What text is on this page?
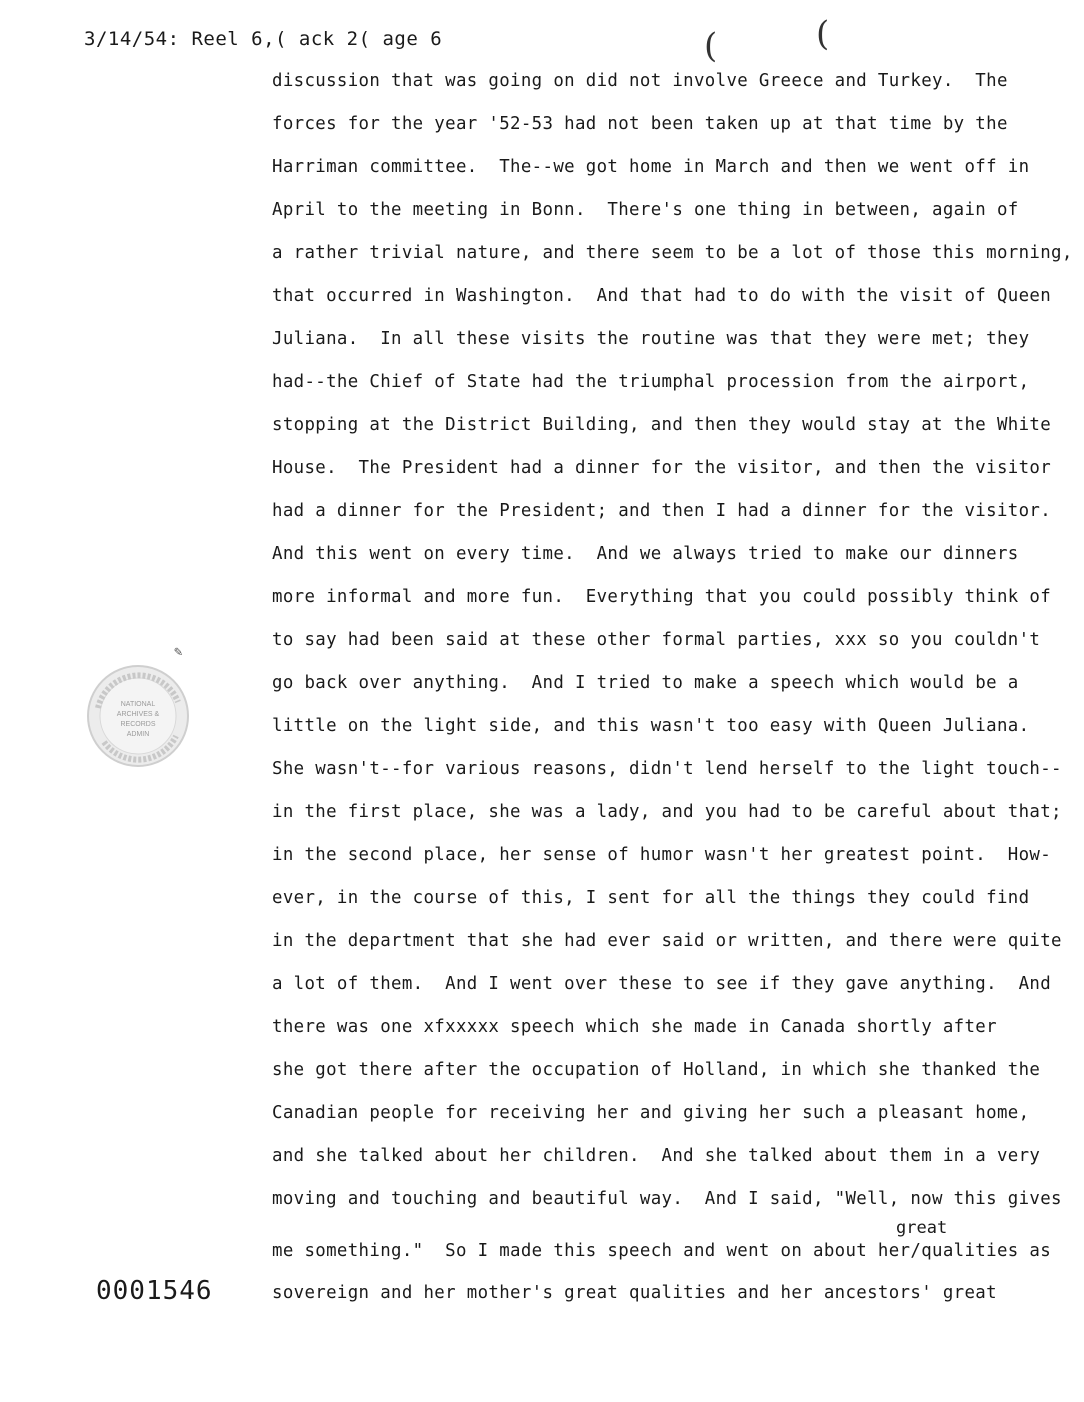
3/14/54: Reel 6,( ack 2( age 6	(	(
discussion that was going on did not involve Greece and Turkey.  The
forces for the year '52-53 had not been taken up at that time by the
Harriman committee.  The--we got home in March and then we went off in
April to the meeting in Bonn.  There's one thing in between, again of
a rather trivial nature, and there seem to be a lot of those this morning,
that occurred in Washington.  And that had to do with the visit of Queen
Juliana.  In all these visits the routine was that they were met; they
had--the Chief of State had the triumphal procession from the airport,
stopping at the District Building, and then they would stay at the White
House.  The President had a dinner for the visitor, and then the visitor
had a dinner for the President; and then I had a dinner for the visitor.
And this went on every time.  And we always tried to make our dinners
more informal and more fun.  Everything that you could possibly think of
to say had been said at these other formal parties, xxx so you couldn't
go back over anything.  And I tried to make a speech which would be a
little on the light side, and this wasn't too easy with Queen Juliana.
She wasn't--for various reasons, didn't lend herself to the light touch--
in the first place, she was a lady, and you had to be careful about that;
in the second place, her sense of humor wasn't her greatest point.  How-
ever, in the course of this, I sent for all the things they could find
in the department that she had ever said or written, and there were quite
a lot of them.  And I went over these to see if they gave anything.  And
there was one xfxxxxx speech which she made in Canada shortly after
she got there after the occupation of Holland, in which she thanked the
Canadian people for receiving her and giving her such a pleasant home,
and she talked about her children.  And she talked about them in a very
moving and touching and beautiful way.  And I said, "Well, now this gives
great
me something."  So I made this speech and went on about her/qualities as
sovereign and her mother's great qualities and her ancestors' great
✎
NATIONAL
ARCHIVES &
RECORDS
ADMIN
0001546
